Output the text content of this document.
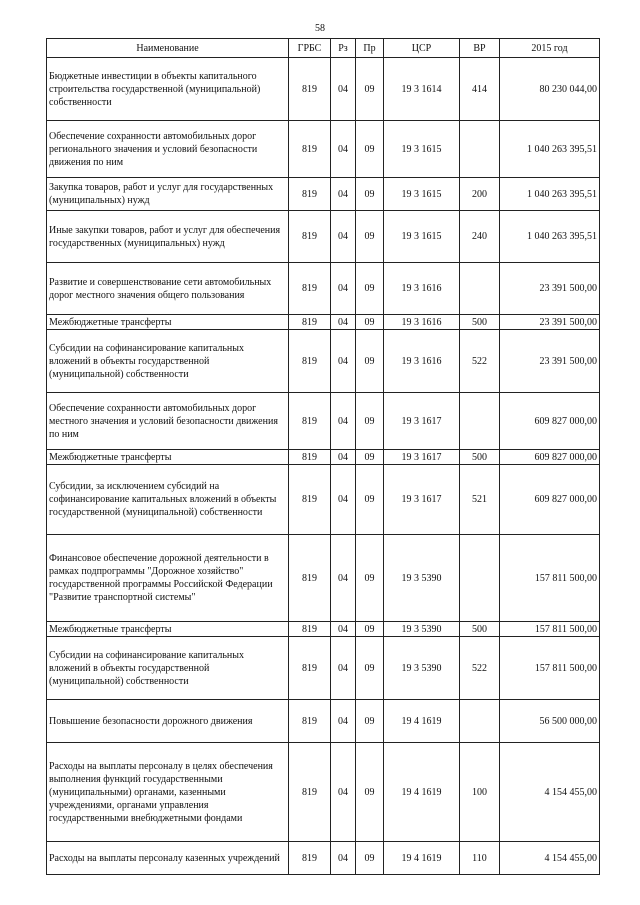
58
Наименование	ГРБС	Рз	Пр	ЦСР	ВР	2015 год
Бюджетные инвестиции в объекты капитального строительства государственной (муниципальной) собственности	819	04	09	19 3 1614	414	80 230 044,00
Обеспечение сохранности автомобильных дорог регионального значения и условий безопасности движения по ним	819	04	09	19 3 1615		1 040 263 395,51
Закупка товаров, работ и услуг для государственных (муниципальных) нужд	819	04	09	19 3 1615	200	1 040 263 395,51
Иные закупки товаров, работ и услуг для обеспечения государственных (муниципальных) нужд	819	04	09	19 3 1615	240	1 040 263 395,51
Развитие и совершенствование сети автомобильных дорог местного значения общего пользования	819	04	09	19 3 1616		23 391 500,00
Межбюджетные трансферты	819	04	09	19 3 1616	500	23 391 500,00
Субсидии на софинансирование капитальных вложений в объекты государственной (муниципальной) собственности	819	04	09	19 3 1616	522	23 391 500,00
Обеспечение сохранности автомобильных дорог местного значения и условий безопасности движения по ним	819	04	09	19 3 1617		609 827 000,00
Межбюджетные трансферты	819	04	09	19 3 1617	500	609 827 000,00
Субсидии, за исключением субсидий на софинансирование капитальных вложений в объекты государственной (муниципальной) собственности	819	04	09	19 3 1617	521	609 827 000,00
Финансовое обеспечение дорожной деятельности в рамках подпрограммы "Дорожное хозяйство" государственной программы Российской Федерации "Развитие транспортной системы"	819	04	09	19 3 5390		157 811 500,00
Межбюджетные трансферты	819	04	09	19 3 5390	500	157 811 500,00
Субсидии на софинансирование капитальных вложений в объекты государственной (муниципальной) собственности	819	04	09	19 3 5390	522	157 811 500,00
Повышение безопасности дорожного движения	819	04	09	19 4 1619		56 500 000,00
Расходы на выплаты персоналу в целях обеспечения выполнения функций государственными (муниципальными) органами, казенными учреждениями, органами управления государственными внебюджетными фондами	819	04	09	19 4 1619	100	4 154 455,00
Расходы на выплаты персоналу казенных учреждений	819	04	09	19 4 1619	110	4 154 455,00
